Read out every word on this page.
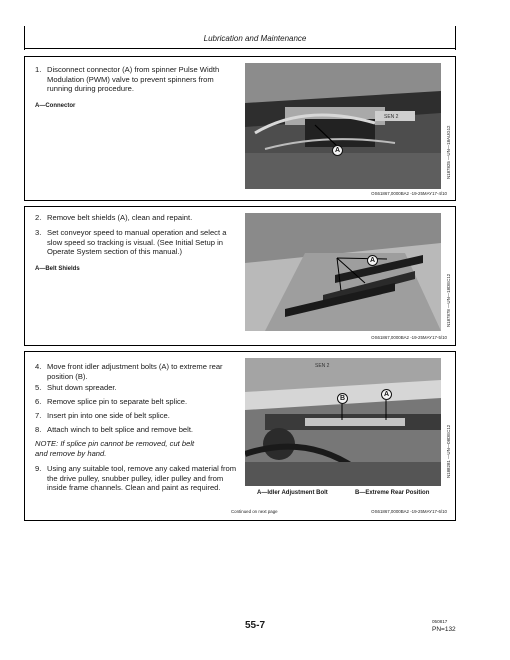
Lubrication and Maintenance
1. Disconnect connector (A) from spinner Pulse Width Modulation (PWM) valve to prevent spinners from running during procedure.
A—Connector
SEN 2
A	N187825 —UN—18AUG12
OS61867,0000BA2 -19-25MAY17-4/10
2. Remove belt shields (A), clean and repaint.
3. Set conveyor speed to manual operation and select a slow speed so tracking is visual. (See Initial Setup in Operate System section of this manual.)
A—Belt Shields
A
N187878 —UN—18DEC12
OS61867,0000BA2 -19-25MAY17-5/10
4. Move front idler adjustment bolts (A) to extreme rear position (B).
5. Shut down spreader.
6. Remove splice pin to separate belt splice.
7. Insert pin into one side of belt splice.
8. Attach winch to belt splice and remove belt.
NOTE: If splice pin cannot be removed, cut belt and remove by hand.
9. Using any suitable tool, remove any caked material from the drive pulley, snubber pulley, idler pulley and from inside frame channels. Clean and paint as required.
SEN 2
B
A
N188281 —UN—08DEC12
A—Idler Adjustment Bolt	B—Extreme Rear Position
Continued on next page	OS61867,0000BA2 -19-25MAY17-6/10
55-7	050817
PN=132
